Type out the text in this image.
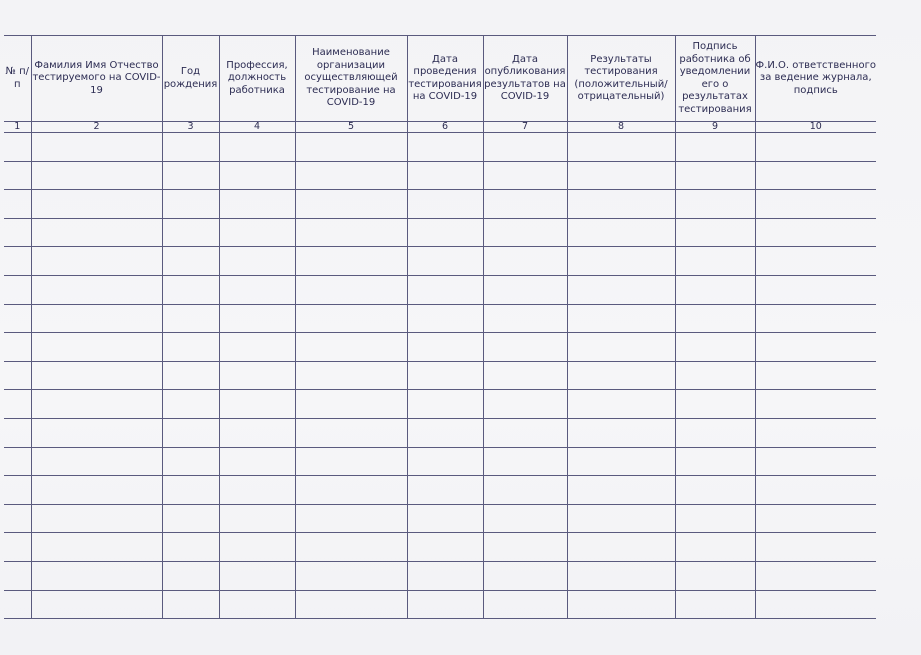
№ п/п	Фамилия Имя Отчество тестируемого на COVID-19	Год рождения	Профессия, должность работника	Наименование организации осуществляющей тестирование на COVID-19	Дата проведения тестирования на COVID-19	Дата опубликования результатов на COVID-19	Результаты тестирования (положительный/ отрицательный)	Подпись работника об уведомлении его о результатах тестирования	Ф.И.О. ответственного за ведение журнала, подпись
1	2	3	4	5	6	7	8	9	10
